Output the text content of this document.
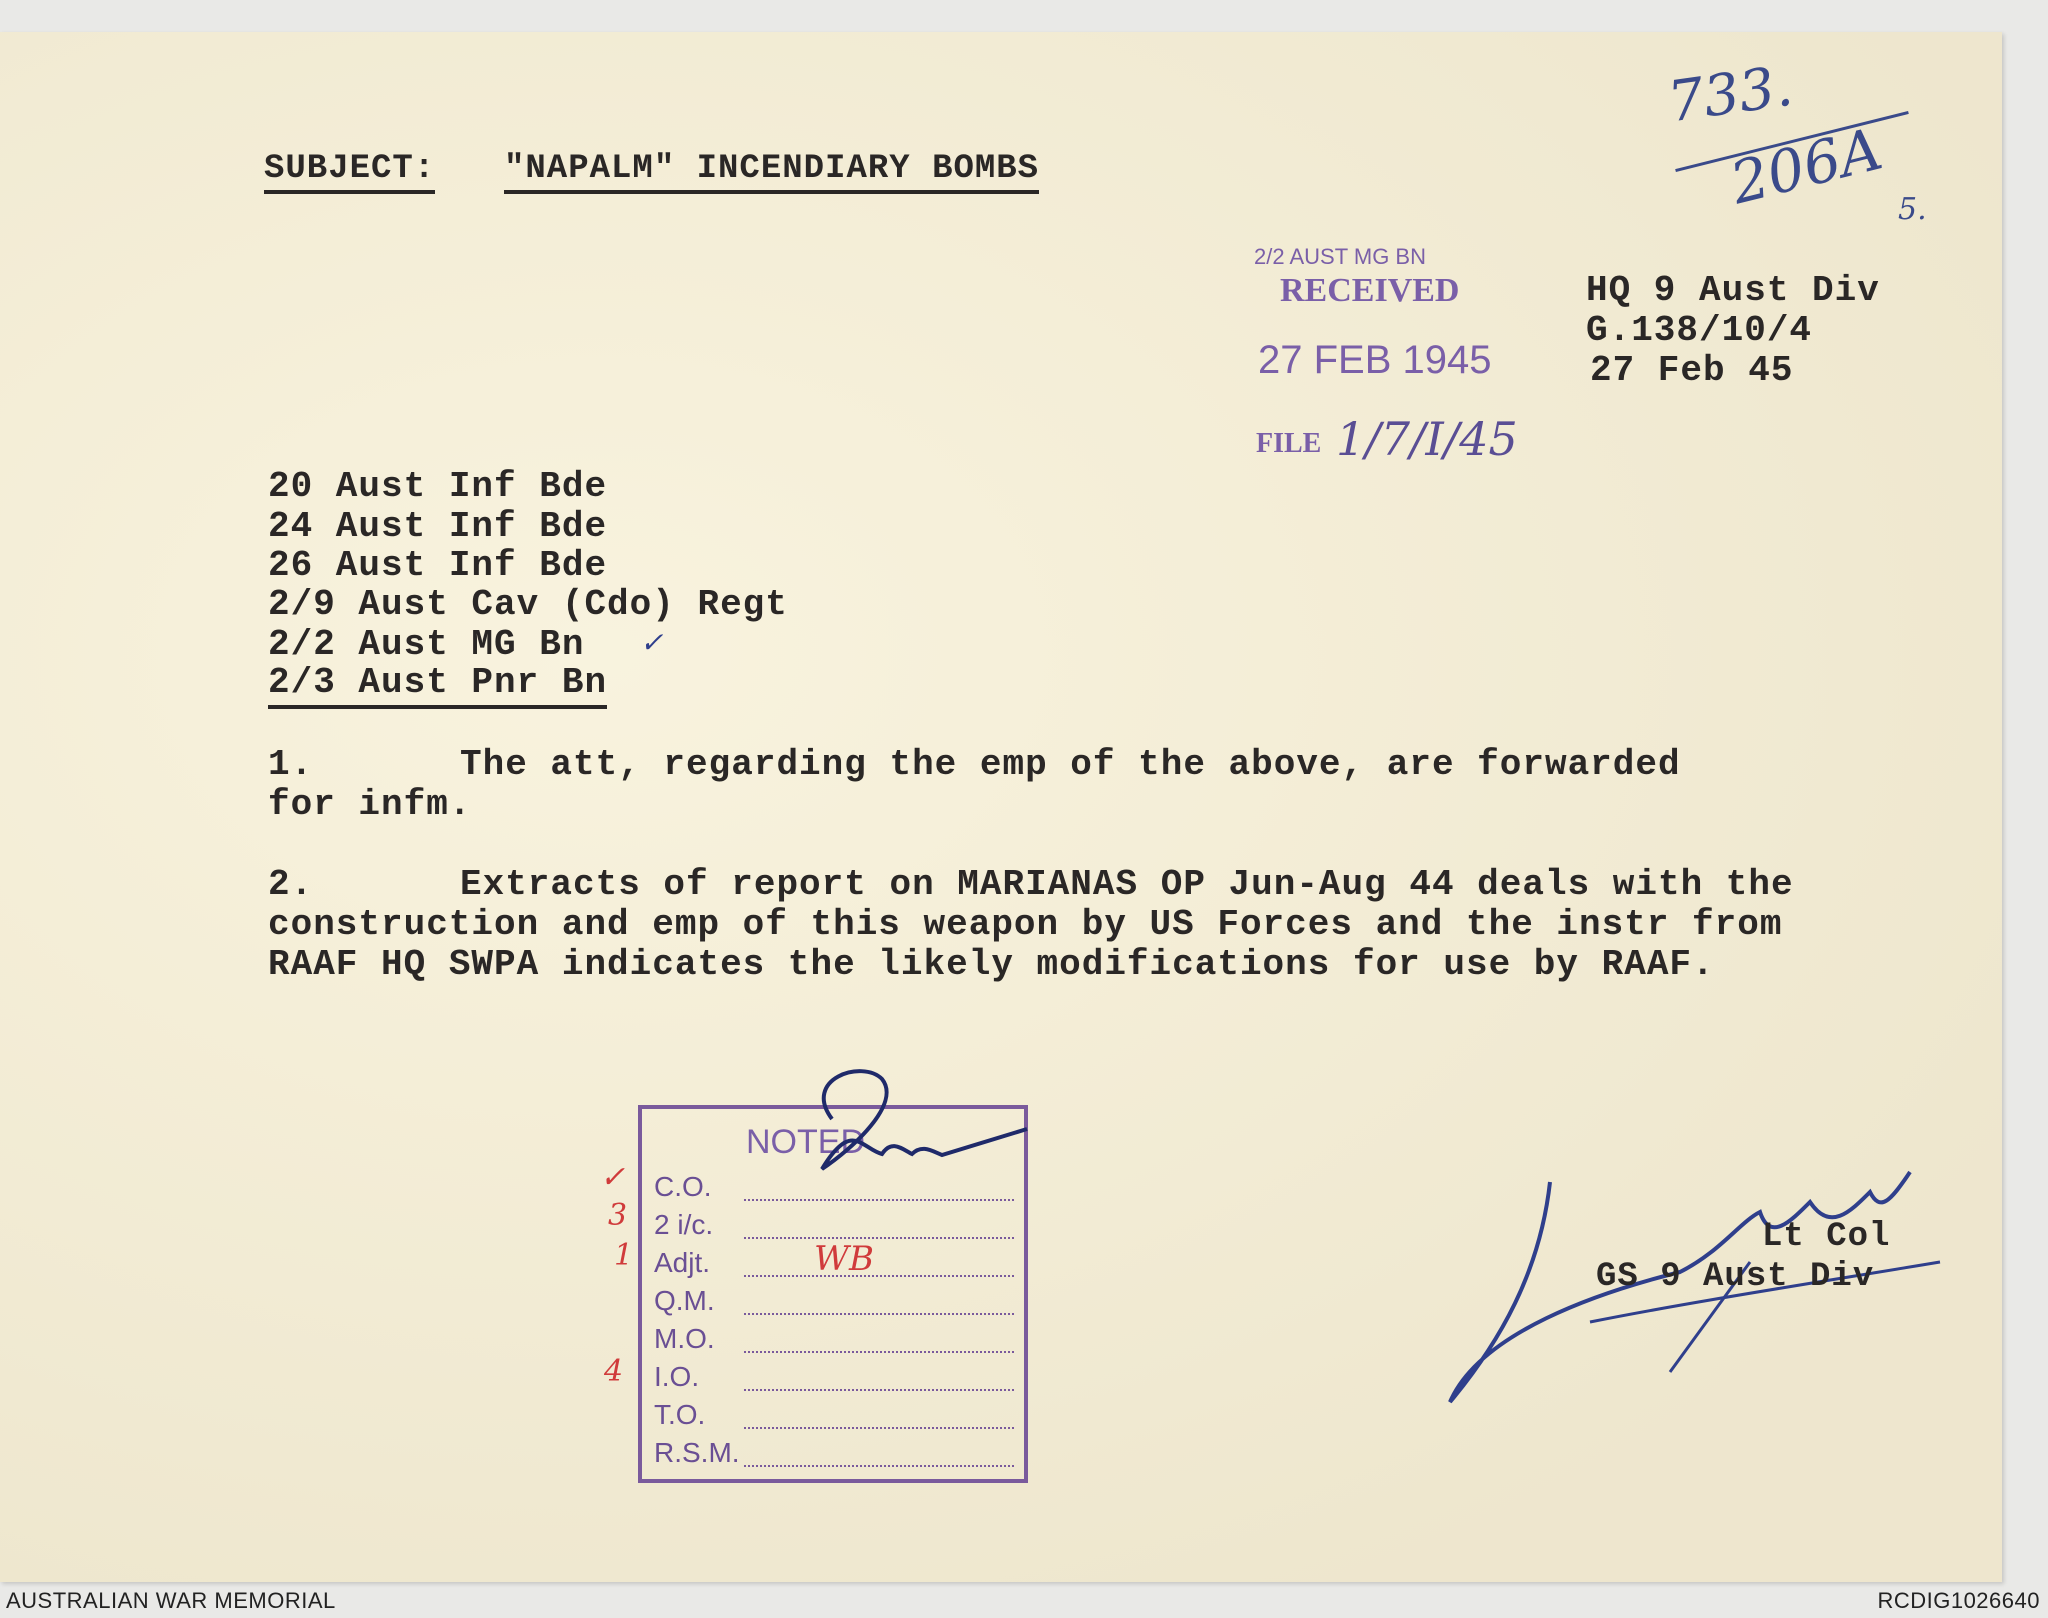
733.
206A 5.
SUBJECT: "NAPALM" INCENDIARY BOMBS
2/2 AUST MG BN
RECEIVED
27 FEB 1945
FILE 1/7/I/45
HQ 9 Aust Div
G.138/10/4
27 Feb 45
20 Aust Inf Bde
24 Aust Inf Bde
26 Aust Inf Bde
2/9 Aust Cav (Cdo) Regt
2/2 Aust MG Bn ✓
2/3 Aust Pnr Bn
1.	The att, regarding the emp of the above, are forwarded
for infm.
2.	Extracts of report on MARIANAS OP Jun-Aug 44 deals with the
construction and emp of this weapon by US Forces and the instr from
RAAF HQ SWPA indicates the likely modifications for use by RAAF.
NOTED
C.O.
2 i/c.
Adjt.	WB
Q.M.
M.O.
I.O.
T.O.
R.S.M.
✓
3
1
4
Lt Col
GS 9 Aust Div
AUSTRALIAN WAR MEMORIAL	RCDIG1026640
